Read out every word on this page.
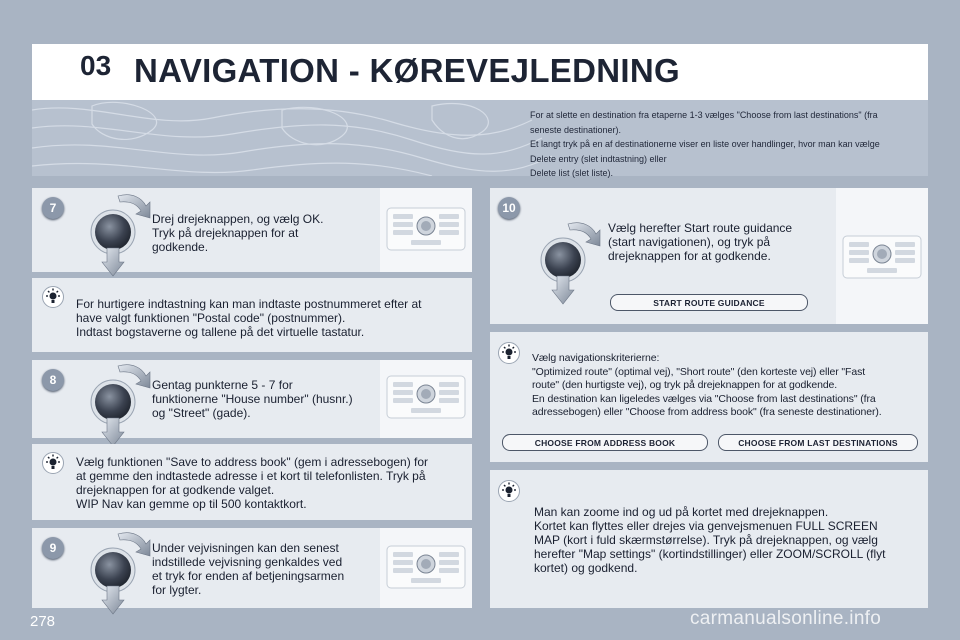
03 NAVIGATION - KØREVEJLEDNING

For at slette en destination fra etaperne 1-3 vælges "Choose from last destinations" (fra

seneste destinationer).

Et langt tryk på en af destinationerne viser en liste over handlinger, hvor man kan vælge

Delete entry (slet indtastning) eller

Delete list (slet liste).

7
Drej drejeknappen, og vælg OK.
Tryk på drejeknappen for at
godkende.
For hurtigere indtastning kan man indtaste postnummeret efter at
have valgt funktionen "Postal code" (postnummer).
Indtast bogstaverne og tallene på det virtuelle tastatur.
8	Gentag punkterne 5 - 7 for
funktionerne "House number" (husnr.)
og "Street" (gade).
Vælg funktionen "Save to address book" (gem i adressebogen) for
at gemme den indtastede adresse i et kort til telefonlisten. Tryk på
drejeknappen for at godkende valget.
WIP Nav kan gemme op til 500 kontaktkort.
9	Under vejvisningen kan den senest
indstillede vejvisning genkaldes ved
et tryk for enden af betjeningsarmen
for lygter.
10
Vælg herefter Start route guidance
(start navigationen), og tryk på
drejeknappen for at godkende.
START ROUTE GUIDANCE
Vælg navigationskriterierne:
"Optimized route" (optimal vej), "Short route" (den korteste vej) eller "Fast
route" (den hurtigste vej), og tryk på drejeknappen for at godkende.
En destination kan ligeledes vælges via "Choose from last destinations" (fra
adressebogen) eller "Choose from address book" (fra seneste destinationer).
CHOOSE FROM ADDRESS BOOK	CHOOSE FROM LAST DESTINATIONS
Man kan zoome ind og ud på kortet med drejeknappen.
Kortet kan flyttes eller drejes via genvejsmenuen FULL SCREEN
MAP (kort i fuld skærmstørrelse). Tryk på drejeknappen, og vælg
herefter "Map settings" (kortindstillinger) eller ZOOM/SCROLL (flyt
kortet) og godkend.
278	carmanualsonline.info
